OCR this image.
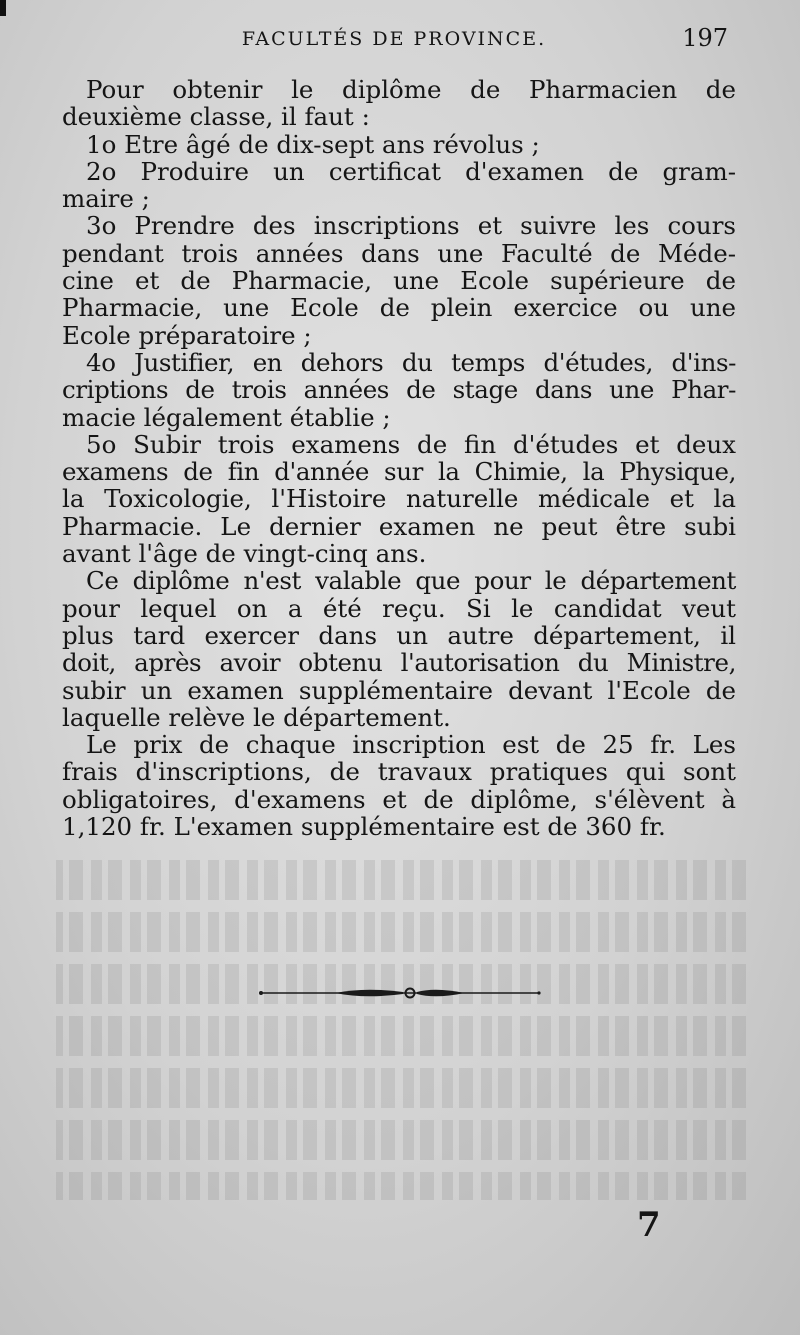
FACULTÉS DE PROVINCE.	197
Pour obtenir le diplôme de Pharmacien de
deuxième classe, il faut :
1o Etre âgé de dix-sept ans révolus ;
2o Produire un certificat d'examen de gram-
maire ;
3o Prendre des inscriptions et suivre les cours
pendant trois années dans une Faculté de Méde-
cine et de Pharmacie, une Ecole supérieure de
Pharmacie, une Ecole de plein exercice ou une
Ecole préparatoire ;
4o Justifier, en dehors du temps d'études, d'ins-
criptions de trois années de stage dans une Phar-
macie légalement établie ;
5o Subir trois examens de fin d'études et deux
examens de fin d'année sur la Chimie, la Physique,
la Toxicologie, l'Histoire naturelle médicale et la
Pharmacie. Le dernier examen ne peut être subi
avant l'âge de vingt-cinq ans.
Ce diplôme n'est valable que pour le département
pour lequel on a été reçu. Si le candidat veut
plus tard exercer dans un autre département, il
doit, après avoir obtenu l'autorisation du Ministre,
subir un examen supplémentaire devant l'Ecole de
laquelle relève le département.
Le prix de chaque inscription est de 25 fr. Les
frais d'inscriptions, de travaux pratiques qui sont
obligatoires, d'examens et de diplôme, s'élèvent à
1,120 fr. L'examen supplémentaire est de 360 fr.
7
